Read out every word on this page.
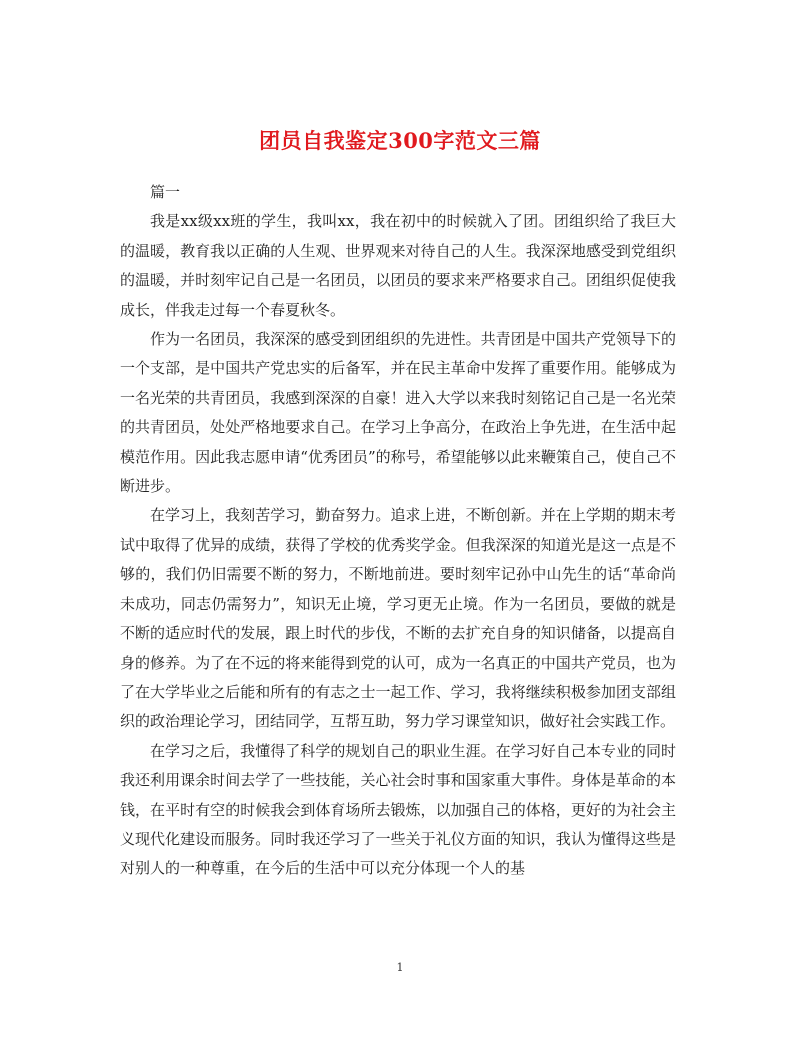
团员自我鉴定300字范文三篇

篇一

我是xx级xx班的学生，我叫xx，我在初中的时候就入了团。团组织给了我巨大的温暖，教育我以正确的人生观、世界观来对待自己的人生。我深深地感受到党组织的温暖，并时刻牢记自己是一名团员，以团员的要求来严格要求自己。团组织促使我成长，伴我走过每一个春夏秋冬。

作为一名团员，我深深的感受到团组织的先进性。共青团是中国共产党领导下的一个支部，是中国共产党忠实的后备军，并在民主革命中发挥了重要作用。能够成为一名光荣的共青团员，我感到深深的自豪！进入大学以来我时刻铭记自己是一名光荣的共青团员，处处严格地要求自己。在学习上争高分，在政治上争先进，在生活中起模范作用。因此我志愿申请“优秀团员”的称号，希望能够以此来鞭策自己，使自己不断进步。

在学习上，我刻苦学习，勤奋努力。追求上进，不断创新。并在上学期的期末考试中取得了优异的成绩，获得了学校的优秀奖学金。但我深深的知道光是这一点是不够的，我们仍旧需要不断的努力，不断地前进。要时刻牢记孙中山先生的话“革命尚未成功，同志仍需努力”，知识无止境，学习更无止境。作为一名团员，要做的就是不断的适应时代的发展，跟上时代的步伐，不断的去扩充自身的知识储备，以提高自身的修养。为了在不远的将来能得到党的认可，成为一名真正的中国共产党员，也为了在大学毕业之后能和所有的有志之士一起工作、学习，我将继续积极参加团支部组织的政治理论学习，团结同学，互帮互助，努力学习课堂知识，做好社会实践工作。

在学习之后，我懂得了科学的规划自己的职业生涯。在学习好自己本专业的同时我还利用课余时间去学了一些技能，关心社会时事和国家重大事件。身体是革命的本钱，在平时有空的时候我会到体育场所去锻炼，以加强自己的体格，更好的为社会主义现代化建设而服务。同时我还学习了一些关于礼仪方面的知识，我认为懂得这些是对别人的一种尊重，在今后的生活中可以充分体现一个人的基

1
